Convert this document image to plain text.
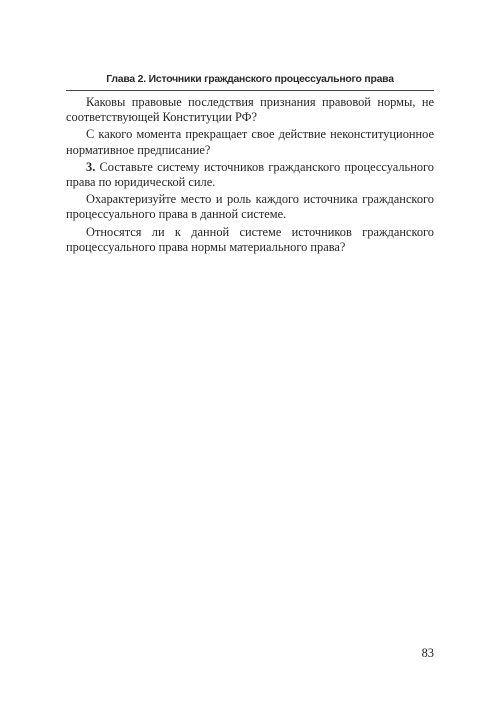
Глава 2. Источники гражданского процессуального права

Каковы правовые последствия признания правовой нормы, не соответствующей Конституции РФ?

С какого момента прекращает свое действие неконституционное нормативное предписание?

3. Составьте систему источников гражданского процессуального права по юридической силе.

Охарактеризуйте место и роль каждого источника гражданского процессуального права в данной системе.

Относятся ли к данной системе источников гражданского процессуального права нормы материального права?

83
